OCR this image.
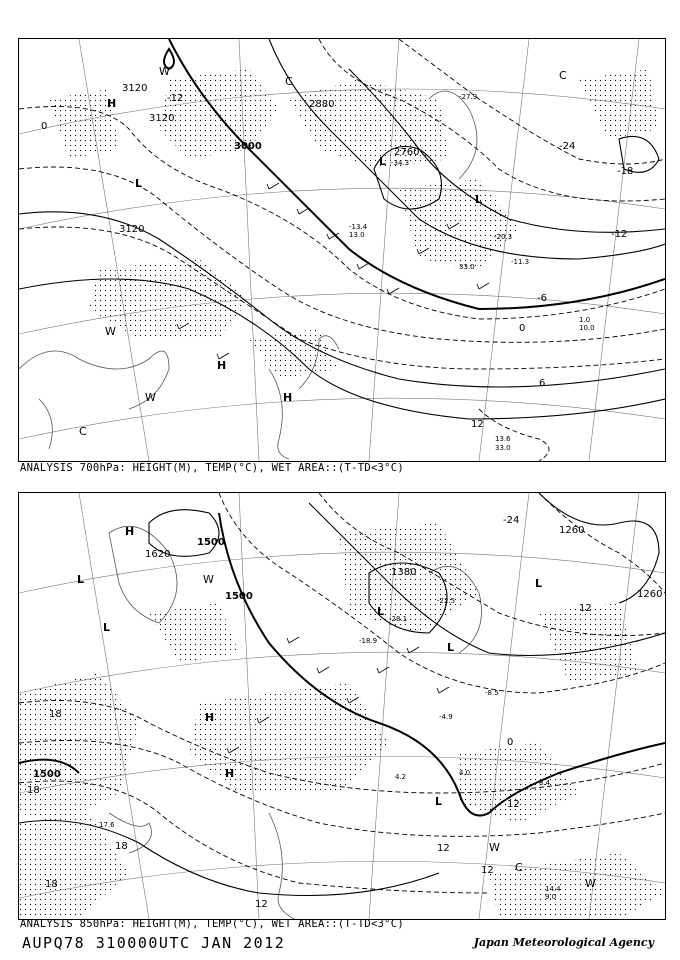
3120
3120
3120
3000
2880
2760
-12
-24
-18
-12
-6
0
6
0
12
H
L
H
H
L
L
C
C
W
W
W
C
-13.4
13.0
-27.9
-34.3
-20.3
-11.3
33.0
13.6
33.0
1.0
10.0
ANALYSIS 700hPa: HEIGHT(M), TEMP(°C), WET AREA::(T-TD<3°C)
1500
1620
1500
1380
1260
1260
1500
-24
12
18
18
18
18
0
12
12
12
12
H
L
L
L
L
H
H
W
L
W
C
W
L
-18.9
-22.5
-28.1
-8.5
-4.9
4.0
8.4
14.4
9.0
17.6
4.2
ANALYSIS 850hPa: HEIGHT(M), TEMP(°C), WET AREA::(T-TD<3°C)
AUPQ78 310000UTC JAN 2012	Japan Meteorological Agency
